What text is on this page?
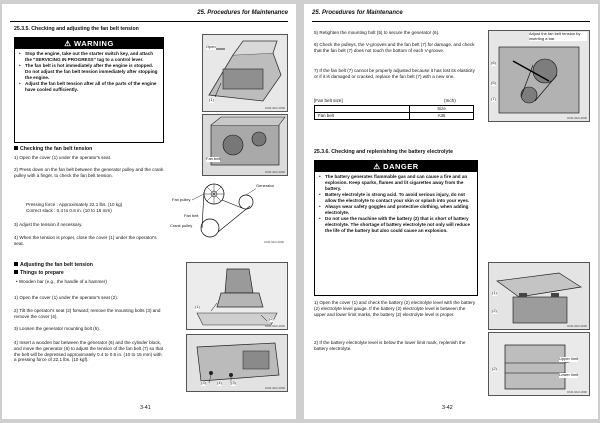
25. Procedures for Maintenance

25.3.5. Checking and adjusting the fan belt tension

⚠ WARNING
• Stop the engine, take out the starter switch key, and attach the "SERVICING IN PROGRESS" tag to a control lever.
• The fan belt is hot immediately after the engine is stopped. Do not adjust the fan belt tension immediately after stopping the engine.
• Adjust the fan belt tension after all of the parts of the engine have cooled sufficiently.

Checking the fan belt tension

1) Open the cover (1) under the operator's seat.

2) Press down on the fan belt between the generator pulley and the crank pulley with a finger, to check the fan belt tension.

Pressing force : Approximately 22.1 lbs. (10 kg)

Correct slack : 0.4 to 0.6 in. (10 to 15 mm)

3) Adjust the tension if necessary.

4) When the tension is proper, close the cover (1) under the operator's seat.

Adjusting the fan belt tension

Things to prepare

• Wooden bar (e.g., the handle of a hammer)

1) Open the cover (1) under the operator's seat (2).

2) Tilt the operator's seat (2) forward; remove the mounting bolts (3) and remove the cover (4).

3) Loosen the generator mounting bolt (5).

4) Insert a wooden bar between the generator (6) and the cylinder block, and move the generator (6) to adjust the tension of the fan belt (7) so that the belt will be depressed approximately 0.4 to 0.6 in. (10 to 15 mm) with a pressing force of 22.1 lbs. (10 kgf).

Open
(1)
DUR-9AO-0000
Fan belt
DUR-9AO-0000
Generator
Fan pulley
Fan belt
Crank pulley
DUR-9AO-0000
(1)
(2)
DUR-9AO-0000
(3)	(4) (3)
DUR-9AO-0000
3-41
25. Procedures for Maintenance

5) Retighten the mounting bolt (5) to secure the generator (6).

6) Check the pulleys, the V-grooves and the fan belt (7) for damage, and check that the fan belt (7) does not touch the bottom of each V-groove.

7) If the fan belt (7) cannot be properly adjusted because it has lost its elasticity or if it is damaged or cracked, replace the fan belt (7) with a new one.

[Fan belt size]	(Inch)
	Size
Fan belt	A35
Adjust the fan belt tension by inserting a bar.
(6)
(5)
(7)
DUR-9AO-0000

25.3.6. Checking and replenishing the battery electrolyte

⚠ DANGER
• The battery generates flammable gas and can cause a fire and an explosion. Keep sparks, flames and lit cigarettes away from the battery.
• Battery electrolyte is strong acid. To avoid serious injury, do not allow the electrolyte to contact your skin or splash into your eyes.
• Always wear safety goggles and protective clothing, when adding electrolyte.
• Do not use the machine with the battery (2) that is short of battery electrolyte. The shortage of battery electrolyte not only will reduce the life of the battery but also could cause an explosion.

1) Open the cover (1) and check the battery (2) electrolyte level with the battery (2) electrolyte level gauge. If the battery (2) electrolyte level is between the upper and lower limit marks, the battery (2) electrolyte level is proper.

2) If the battery electrolyte level is below the lower limit mark, replenish the battery electrolyte.

(1)
(2)
DUR-9AO-0000
(2)
Upper limit
Lower limit
DUR-9AO-0000
3-42
